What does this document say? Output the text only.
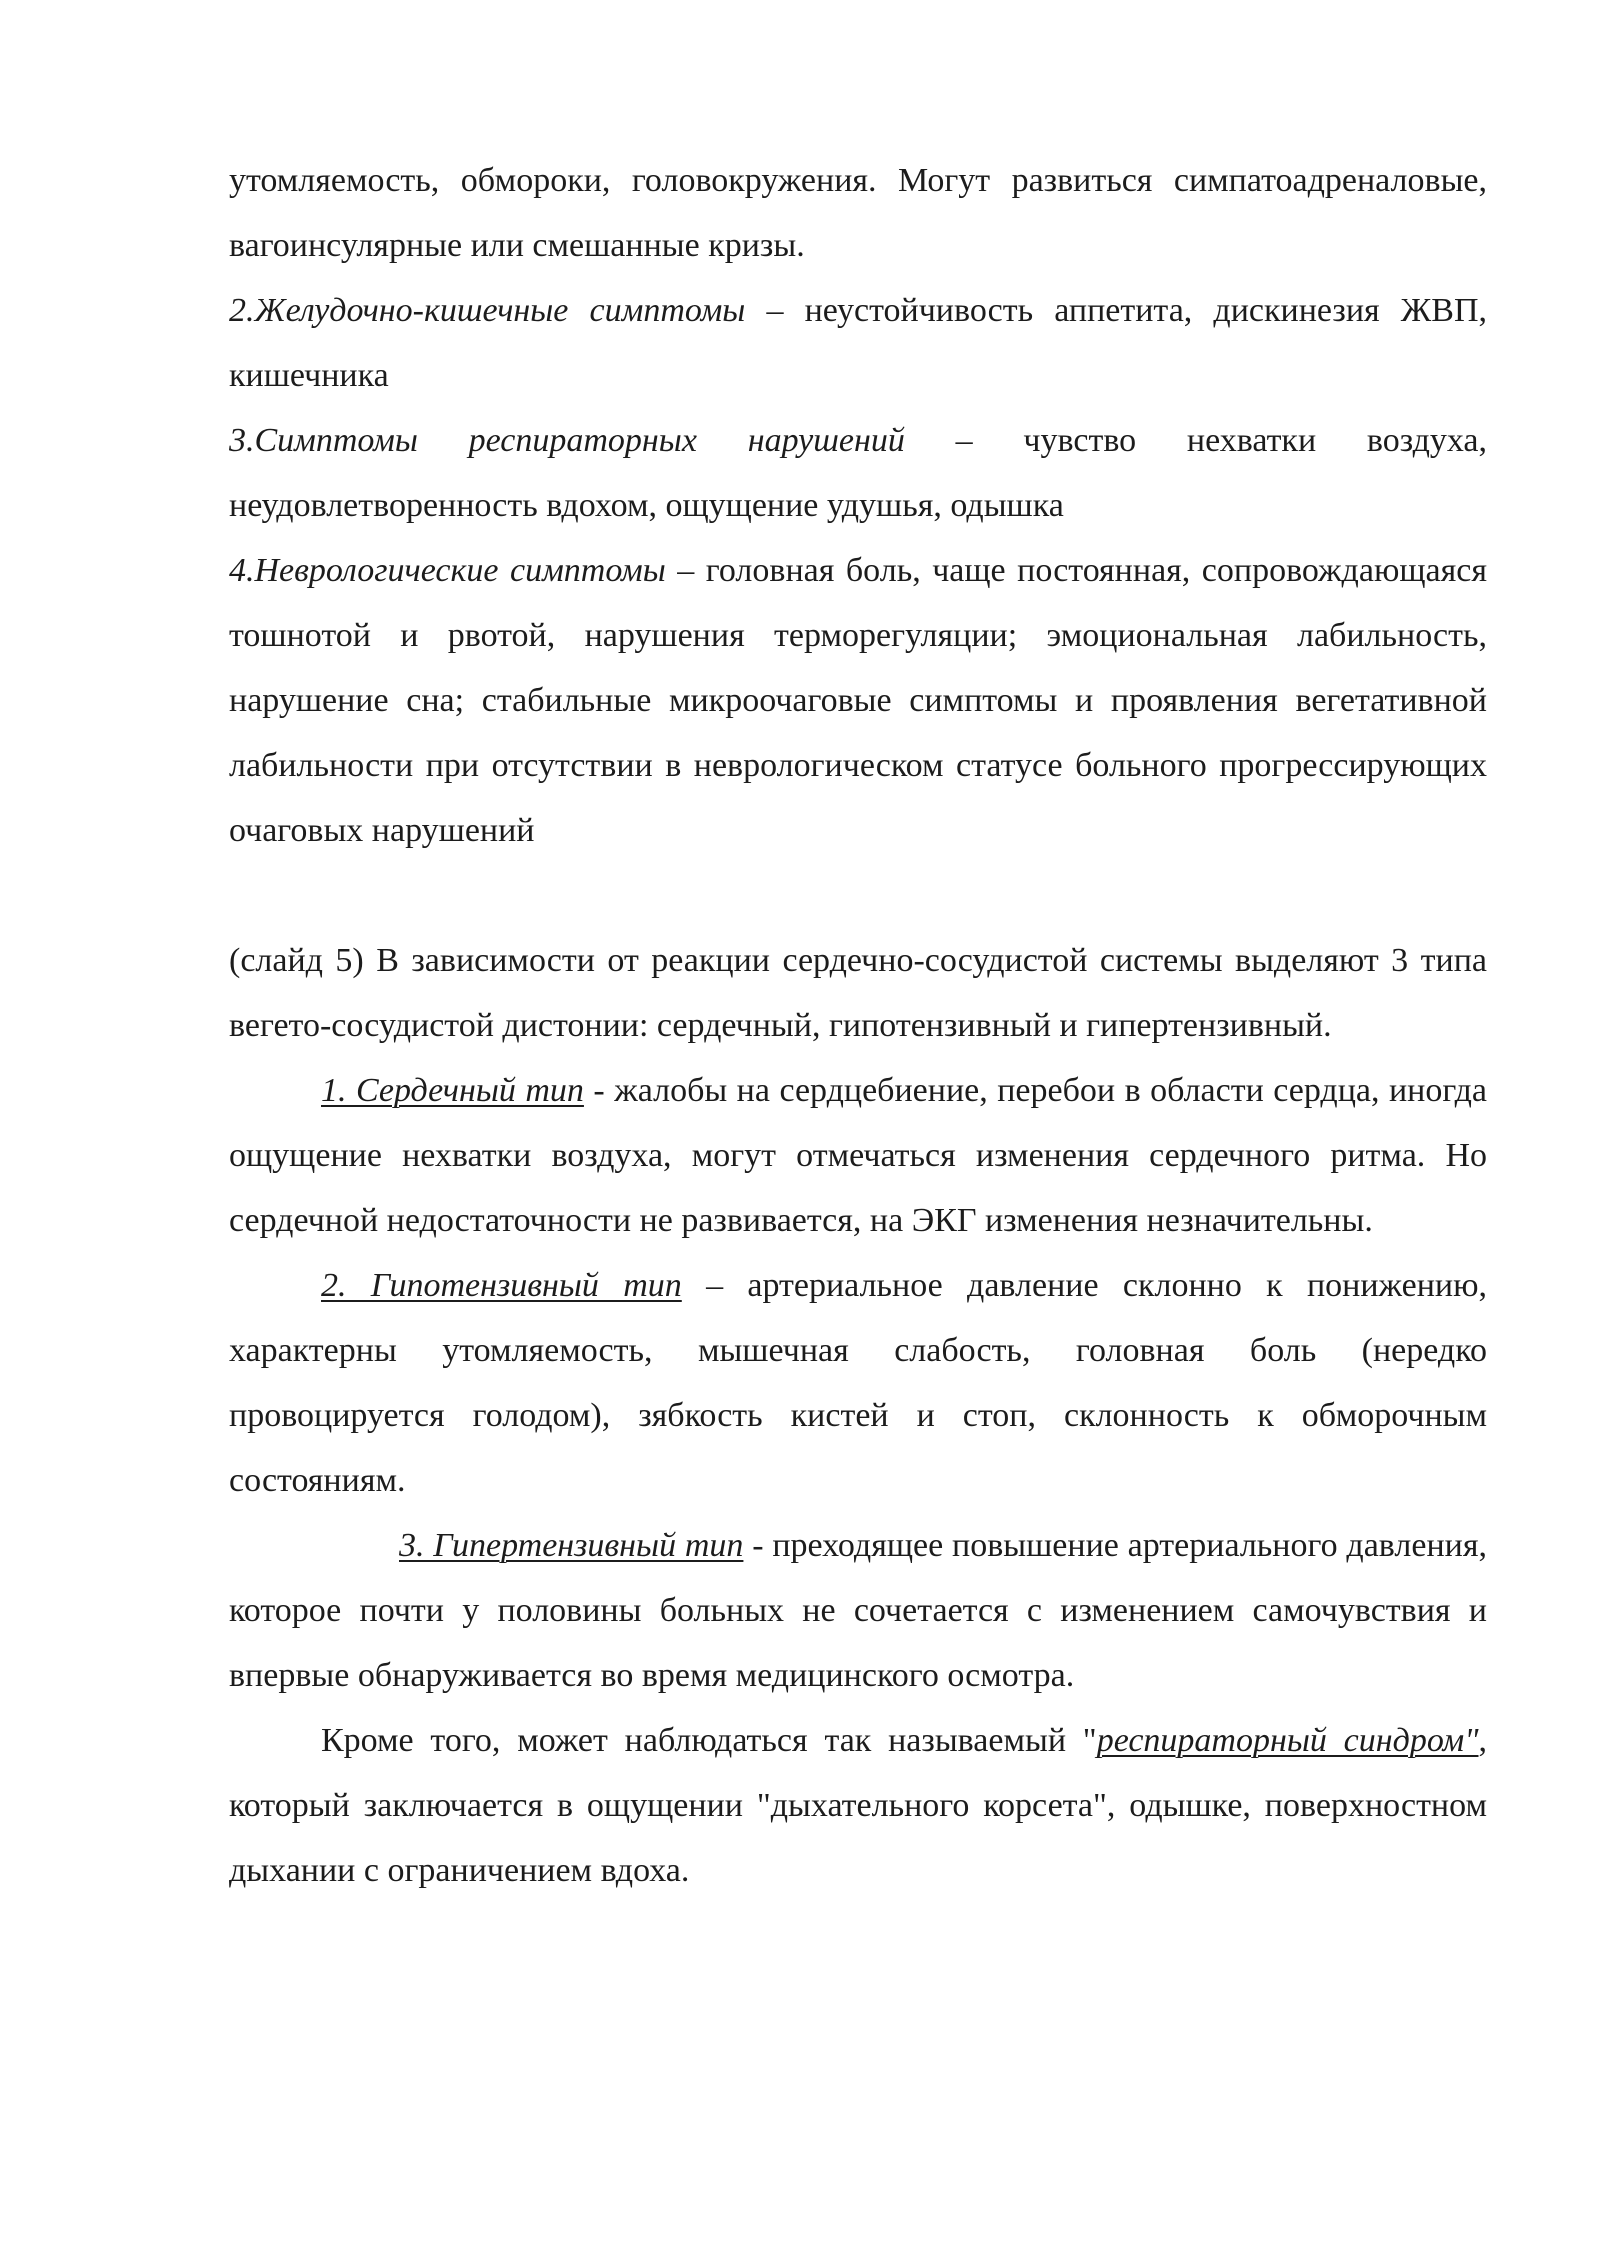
утомляемость, обмороки, головокружения. Могут развиться симпатоадреналовые, вагоинсулярные или смешанные кризы.

2.Желудочно-кишечные симптомы – неустойчивость аппетита, дискинезия ЖВП, кишечника

3.Симптомы респираторных нарушений – чувство нехватки воздуха, неудовлетворенность вдохом, ощущение удушья, одышка

4.Неврологические симптомы – головная боль, чаще постоянная, сопровождающаяся тошнотой и рвотой, нарушения терморегуляции; эмоциональная лабильность, нарушение сна; стабильные микроочаговые симптомы и проявления вегетативной лабильности при отсутствии в неврологическом статусе больного прогрессирующих очаговых нарушений

(слайд 5) В зависимости от реакции сердечно-сосудистой системы выделяют 3 типа вегето-сосудистой дистонии: сердечный, гипотензивный и гипертензивный.

1. Сердечный тип - жалобы на сердцебиение, перебои в области сердца, иногда ощущение нехватки воздуха, могут отмечаться изменения сердечного ритма. Но сердечной недостаточности не развивается, на ЭКГ изменения незначительны.

2. Гипотензивный тип – артериальное давление склонно к понижению, характерны утомляемость, мышечная слабость, головная боль (нередко провоцируется голодом), зябкость кистей и стоп, склонность к обморочным состояниям.

3. Гипертензивный тип - преходящее повышение артериального давления, которое почти у половины больных не сочетается с изменением самочувствия и впервые обнаруживается во время медицинского осмотра.

Кроме того, может наблюдаться так называемый "респираторный синдром", который заключается в ощущении "дыхательного корсета", одышке, поверхностном дыхании с ограничением вдоха.
